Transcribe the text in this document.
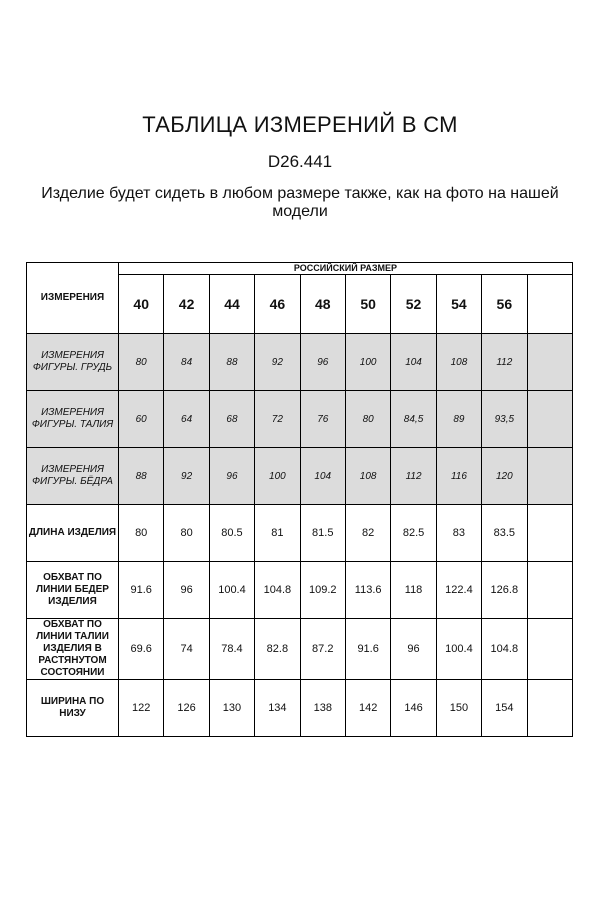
ТАБЛИЦА ИЗМЕРЕНИЙ В СМ
D26.441
Изделие будет сидеть в любом размере также, как на фото на нашей модели
ИЗМЕРЕНИЯ	РОССИЙСКИЙ РАЗМЕР									
	40	42	44	46	48	50	52	54	56	
ИЗМЕРЕНИЯ ФИГУРЫ. ГРУДЬ	80	84	88	92	96	100	104	108	112	
ИЗМЕРЕНИЯ ФИГУРЫ. ТАЛИЯ	60	64	68	72	76	80	84,5	89	93,5	
ИЗМЕРЕНИЯ ФИГУРЫ. БЁДРА	88	92	96	100	104	108	112	116	120	
ДЛИНА ИЗДЕЛИЯ	80	80	80.5	81	81.5	82	82.5	83	83.5	
ОБХВАТ ПО ЛИНИИ БЕДЕР ИЗДЕЛИЯ	91.6	96	100.4	104.8	109.2	113.6	118	122.4	126.8	
ОБХВАТ ПО ЛИНИИ ТАЛИИ ИЗДЕЛИЯ В РАСТЯНУТОМ СОСТОЯНИИ	69.6	74	78.4	82.8	87.2	91.6	96	100.4	104.8	
ШИРИНА ПО НИЗУ	122	126	130	134	138	142	146	150	154	
